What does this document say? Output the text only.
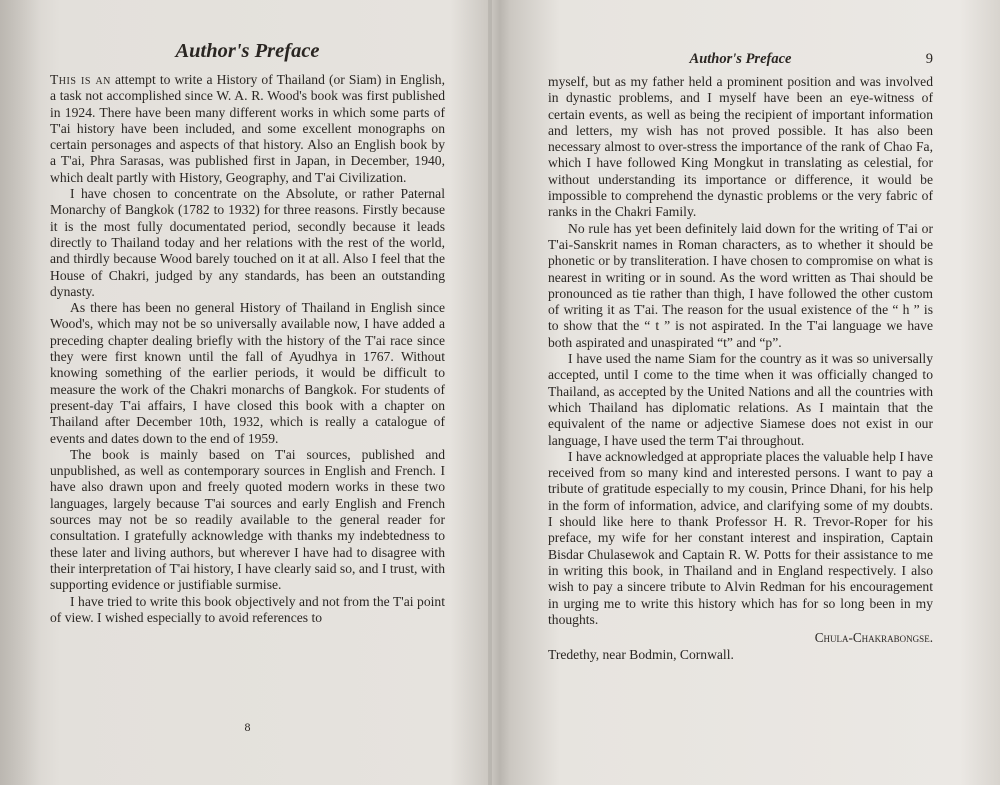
Author's Preface

This is an attempt to write a History of Thailand (or Siam) in English, a task not accomplished since W. A. R. Wood's book was first published in 1924. There have been many different works in which some parts of T'ai history have been included, and some excellent monographs on certain personages and aspects of that history. Also an English book by a T'ai, Phra Sarasas, was published first in Japan, in December, 1940, which dealt partly with History, Geography, and T'ai Civilization.

I have chosen to concentrate on the Absolute, or rather Paternal Monarchy of Bangkok (1782 to 1932) for three reasons. Firstly because it is the most fully documentated period, secondly because it leads directly to Thailand today and her relations with the rest of the world, and thirdly because Wood barely touched on it at all. Also I feel that the House of Chakri, judged by any standards, has been an outstanding dynasty.

As there has been no general History of Thailand in English since Wood's, which may not be so universally available now, I have added a preceding chapter dealing briefly with the history of the T'ai race since they were first known until the fall of Ayudhya in 1767. Without knowing something of the earlier periods, it would be difficult to measure the work of the Chakri monarchs of Bangkok. For students of present-day T'ai affairs, I have closed this book with a chapter on Thailand after December 10th, 1932, which is really a catalogue of events and dates down to the end of 1959.

The book is mainly based on T'ai sources, published and unpublished, as well as contemporary sources in English and French. I have also drawn upon and freely quoted modern works in these two languages, largely because T'ai sources and early English and French sources may not be so readily available to the general reader for consultation. I gratefully acknowledge with thanks my indebtedness to these later and living authors, but wherever I have had to disagree with their interpretation of T'ai history, I have clearly said so, and I trust, with supporting evidence or justifiable surmise.

I have tried to write this book objectively and not from the T'ai point of view. I wished especially to avoid references to

8
Author's Preface	9

myself, but as my father held a prominent position and was involved in dynastic problems, and I myself have been an eye-witness of certain events, as well as being the recipient of important information and letters, my wish has not proved possible. It has also been necessary almost to over-stress the importance of the rank of Chao Fa, which I have followed King Mongkut in translating as celestial, for without understanding its importance or difference, it would be impossible to comprehend the dynastic problems or the very fabric of ranks in the Chakri Family.

No rule has yet been definitely laid down for the writing of T'ai or T'ai-Sanskrit names in Roman characters, as to whether it should be phonetic or by transliteration. I have chosen to compromise on what is nearest in writing or in sound. As the word written as Thai should be pronounced as tie rather than thigh, I have followed the other custom of writing it as T'ai. The reason for the usual existence of the “ h ” is to show that the “ t ” is not aspirated. In the T'ai language we have both aspirated and unaspirated “t” and “p”.

I have used the name Siam for the country as it was so universally accepted, until I come to the time when it was officially changed to Thailand, as accepted by the United Nations and all the countries with which Thailand has diplomatic relations. As I maintain that the equivalent of the name or adjective Siamese does not exist in our language, I have used the term T'ai throughout.

I have acknowledged at appropriate places the valuable help I have received from so many kind and interested persons. I want to pay a tribute of gratitude especially to my cousin, Prince Dhani, for his help in the form of information, advice, and clarifying some of my doubts. I should like here to thank Professor H. R. Trevor-Roper for his preface, my wife for her constant interest and inspiration, Captain Bisdar Chulasewok and Captain R. W. Potts for their assistance to me in writing this book, in Thailand and in England respectively. I also wish to pay a sincere tribute to Alvin Redman for his encouragement in urging me to write this history which has for so long been in my thoughts.

Chula-Chakrabongse.

Tredethy, near Bodmin, Cornwall.
